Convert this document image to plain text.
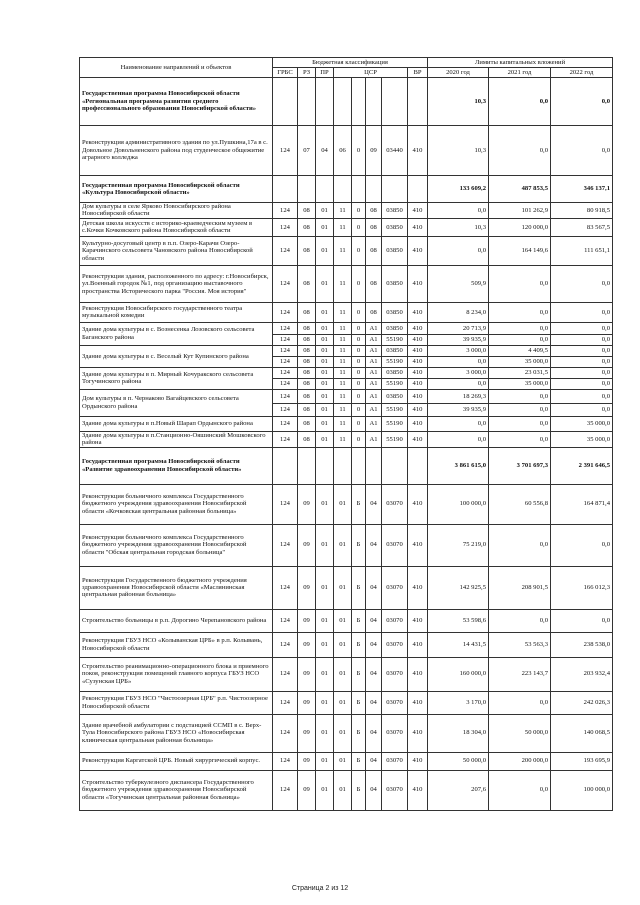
Наименование направлений и объектов	Бюджетная классификация								Лимиты капитальных вложений		
	ГРБС	РЗ	ПР	ЦСР				ВР	2020 год	2021 год	2022 год
Государственная программа Новосибирской области «Региональная программа развития среднего профессионального образования Новосибирской области»									10,3	0,0	0,0
Реконструкция административного здания по ул.Пушкина,17а в с. Довольное Довольненского района под студенческое общежитие аграрного колледжа	124	07	04	06	0	09	03440	410	10,3	0,0	0,0
Государственная программа Новосибирской области «Культура Новосибирской области»									133 609,2	487 853,5	346 137,1
Дом культуры в селе Ярково Новосибирского района Новосибирской области	124	08	01	11	0	08	03850	410	0,0	101 262,9	80 918,5
Детская школа искусств с историко-краеведческим музеем в с.Кочки Кочковского района Новосибирской области	124	08	01	11	0	08	03850	410	10,3	120 000,0	83 567,5
Культурно-досуговый центр в п.п. Озеро-Карачи Озеро-Карачинского сельсовета Чановского района Новосибирской области	124	08	01	11	0	08	03850	410	0,0	164 149,6	111 651,1
Реконструкция здания, расположенного по адресу: г.Новосибирск, ул.Военный городок №1, под организацию выставочного пространства Исторического парка "Россия. Моя история"	124	08	01	11	0	08	03850	410	509,9	0,0	0,0
Реконструкция Новосибирского государственного театра музыкальной комедии	124	08	01	11	0	08	03850	410	8 234,0	0,0	0,0
Здание дома культуры в с. Вознесенка Лозовского сельсовета Баганского района	124	08	01	11	0	A1	03850	410	20 713,9	0,0	0,0
	124	08	01	11	0	A1	55190	410	39 935,9	0,0	0,0
Здание дома культуры в с. Веселый Кут Купинского района	124	08	01	11	0	A1	03850	410	3 000,0	4 409,5	0,0
	124	08	01	11	0	A1	55190	410	0,0	35 000,0	0,0
Здание дома культуры в п. Мирный Кочуракского сельсовета Тогучинского района	124	08	01	11	0	A1	03850	410	3 000,0	23 031,5	0,0
	124	08	01	11	0	A1	55190	410	0,0	35 000,0	0,0
Дом культуры в п. Чернаково Вагайцевского сельсовета Ордынского района	124	08	01	11	0	A1	03850	410	18 269,3	0,0	0,0
	124	08	01	11	0	A1	55190	410	39 935,9	0,0	0,0
Здание дома культуры в п.Новый Шарап Ордынского района	124	08	01	11	0	A1	55190	410	0,0	0,0	35 000,0
Здание дома культуры в п.Станционно-Ояшинский Мошковского района	124	08	01	11	0	A1	55190	410	0,0	0,0	35 000,0
Государственная программа Новосибирской области «Развитие здравоохранения Новосибирской области»									3 861 615,0	3 701 697,3	2 391 646,5
Реконструкция больничного комплекса Государственного бюджетного учреждения здравоохранения Новосибирской области «Кочковская центральная районная больница»	124	09	01	01	Б	04	03070	410	100 000,0	60 556,8	164 871,4
Реконструкция больничного комплекса Государственного бюджетного учреждения здравоохранения Новосибирской области "Обская центральная городская больница"	124	09	01	01	Б	04	03070	410	75 219,0	0,0	0,0
Реконструкция Государственного бюджетного учреждения здравоохранения Новосибирской области «Маслянинская центральная районная больница»	124	09	01	01	Б	04	03070	410	142 925,5	208 901,5	166 012,3
Строительство больницы в р.п. Дорогино Черепановского района	124	09	01	01	Б	04	03070	410	53 598,6	0,0	0,0
Реконструкция ГБУЗ НСО «Колыванская ЦРБ» в р.п. Колывань, Новосибирской области	124	09	01	01	Б	04	03070	410	14 431,5	53 563,3	238 538,0
Строительство реанимационно-операционного блока и приемного покоя, реконструкция помещений главного корпуса ГБУЗ НСО «Сузунская ЦРБ»	124	09	01	01	Б	04	03070	410	160 000,0	223 143,7	203 932,4
Реконструкция ГБУЗ НСО "Чистоозерная ЦРБ" р.п. Чистоозерное Новосибирской области	124	09	01	01	Б	04	03070	410	3 170,0	0,0	242 026,3
Здание врачебной амбулатории с подстанцией ССМП в с. Верх-Тула Новосибирского района ГБУЗ НСО «Новосибирская клиническая центральная районная больница»	124	09	01	01	Б	04	03070	410	18 304,0	50 000,0	140 068,5
Реконструкция Каргатской ЦРБ. Новый хирургический корпус.	124	09	01	01	Б	04	03070	410	50 000,0	200 000,0	193 695,9
Строительство туберкулезного диспансера Государственного бюджетного учреждения здравоохранения Новосибирской области «Тогучинская центральная районная больница»	124	09	01	01	Б	04	03070	410	207,6	0,0	100 000,0
Страница 2 из 12
